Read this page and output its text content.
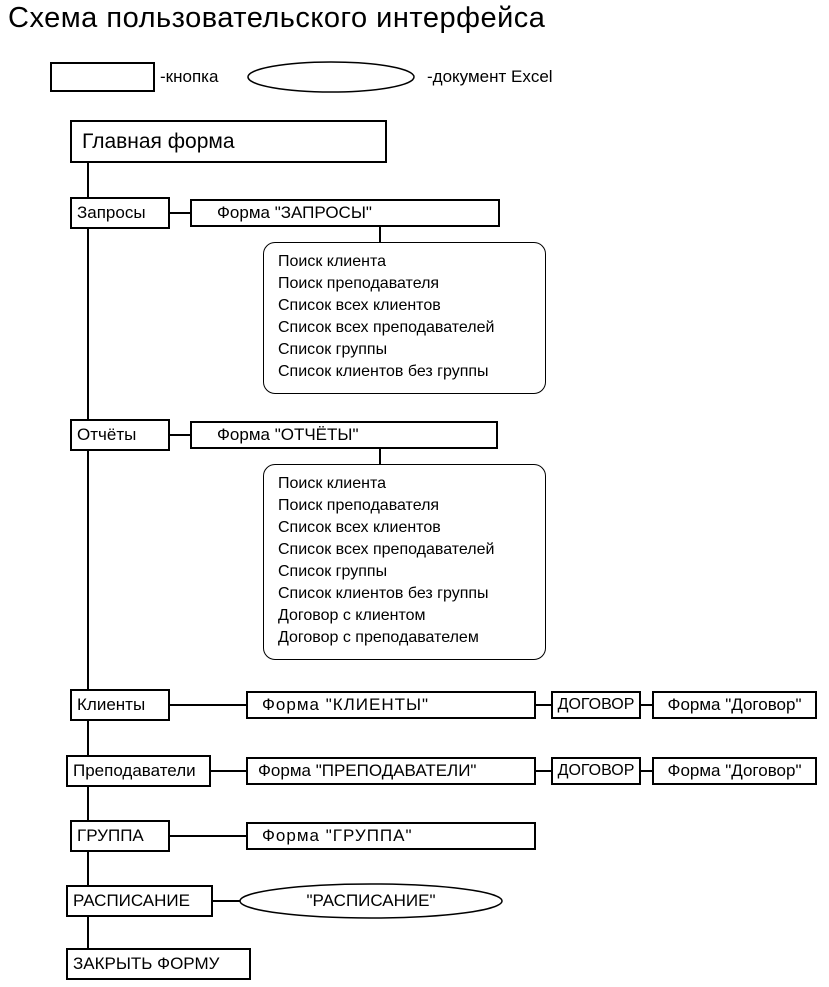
Схема пользовательского интерфейса
-кнопка	-документ Excel
Главная форма
Запросы	Форма "ЗАПРОСЫ"
Поиск клиента
Поиск преподавателя
Список всех клиентов
Список всех преподавателей
Список группы
Список клиентов без группы
Отчёты	Форма "ОТЧЁТЫ"
Поиск клиента
Поиск преподавателя
Список всех клиентов
Список всех преподавателей
Список группы
Список клиентов без группы
Договор с клиентом
Договор с преподавателем
Клиенты	Форма "КЛИЕНТЫ"	ДОГОВОР	Форма "Договор"
Преподаватели	Форма "ПРЕПОДАВАТЕЛИ"	ДОГОВОР	Форма "Договор"
ГРУППА	Форма "ГРУППА"
РАСПИСАНИЕ	"РАСПИСАНИЕ"
ЗАКРЫТЬ ФОРМУ
